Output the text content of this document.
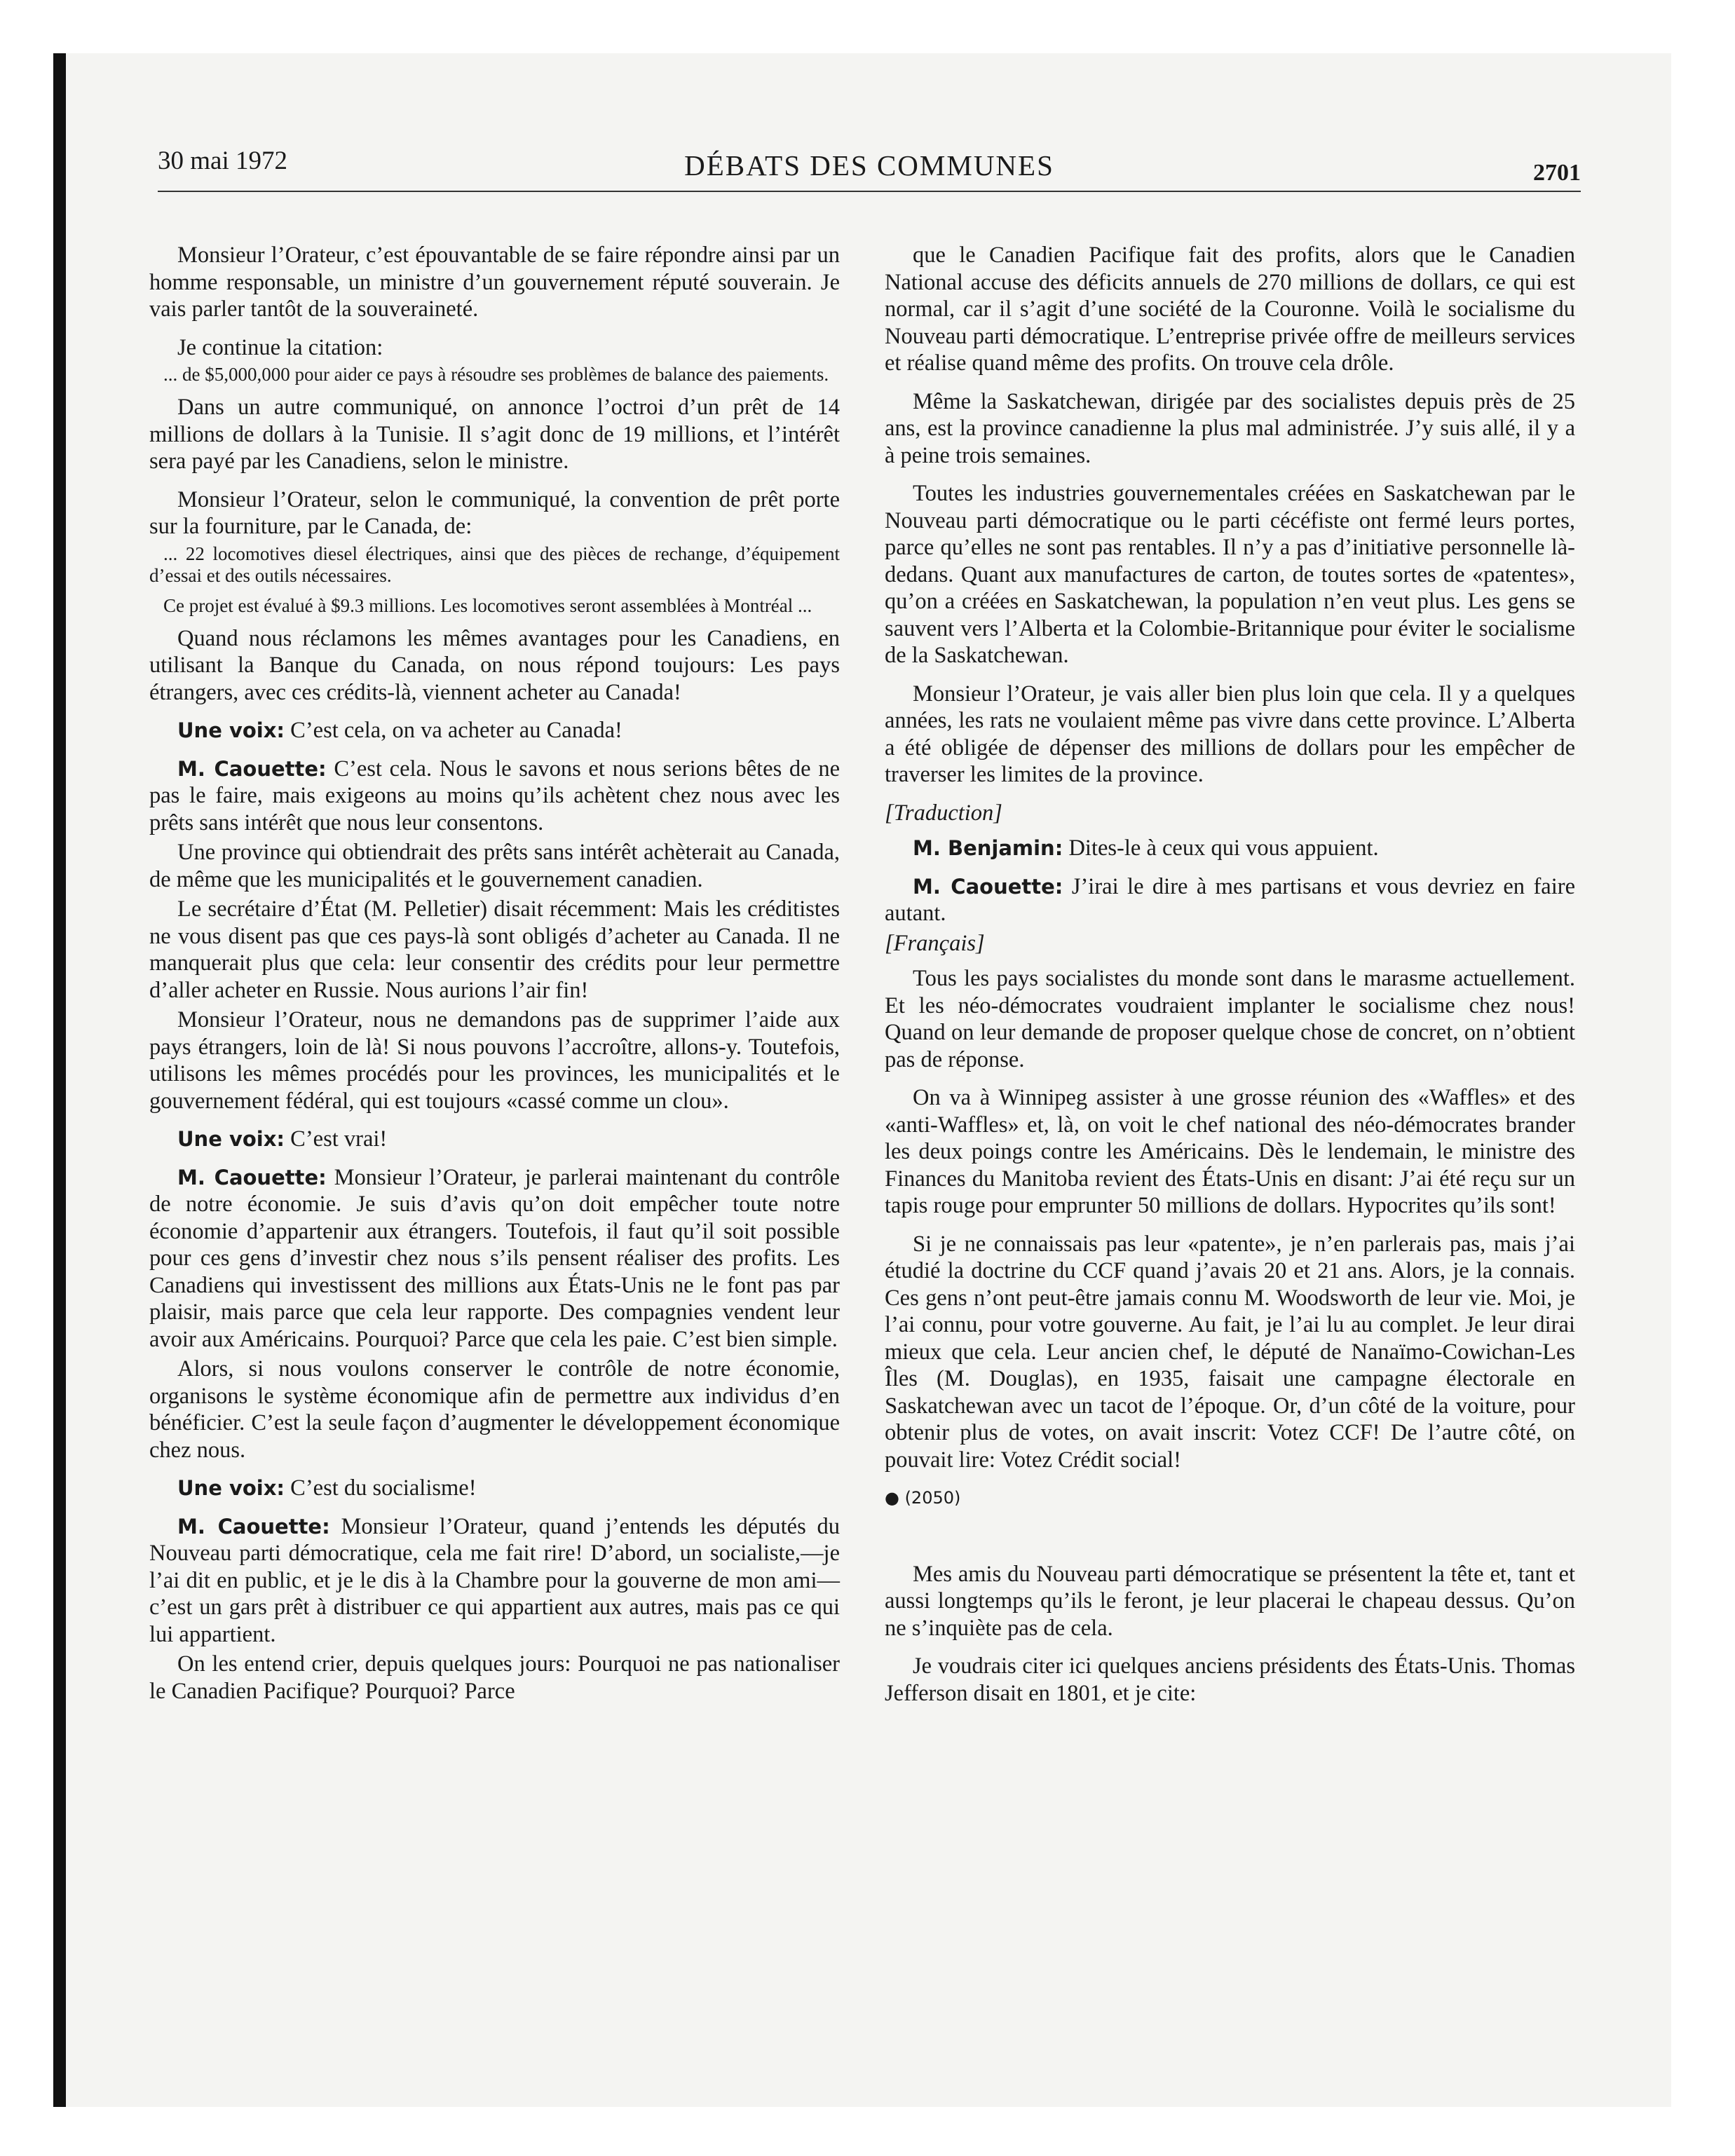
30 mai 1972	DÉBATS DES COMMUNES	2701

Monsieur l’Orateur, c’est épouvantable de se faire répondre ainsi par un homme responsable, un ministre d’un gouvernement réputé souverain. Je vais parler tantôt de la souveraineté.

Je continue la citation:

... de $5,000,000 pour aider ce pays à résoudre ses problèmes de balance des paiements.

Dans un autre communiqué, on annonce l’octroi d’un prêt de 14 millions de dollars à la Tunisie. Il s’agit donc de 19 millions, et l’intérêt sera payé par les Canadiens, selon le ministre.

Monsieur l’Orateur, selon le communiqué, la convention de prêt porte sur la fourniture, par le Canada, de:

... 22 locomotives diesel électriques, ainsi que des pièces de rechange, d’équipement d’essai et des outils nécessaires.

Ce projet est évalué à $9.3 millions. Les locomotives seront assemblées à Montréal ...

Quand nous réclamons les mêmes avantages pour les Canadiens, en utilisant la Banque du Canada, on nous répond toujours: Les pays étrangers, avec ces crédits-là, viennent acheter au Canada!

Une voix: C’est cela, on va acheter au Canada!

M. Caouette: C’est cela. Nous le savons et nous serions bêtes de ne pas le faire, mais exigeons au moins qu’ils achètent chez nous avec les prêts sans intérêt que nous leur consentons.

Une province qui obtiendrait des prêts sans intérêt achèterait au Canada, de même que les municipalités et le gouvernement canadien.

Le secrétaire d’État (M. Pelletier) disait récemment: Mais les créditistes ne vous disent pas que ces pays-là sont obligés d’acheter au Canada. Il ne manquerait plus que cela: leur consentir des crédits pour leur permettre d’aller acheter en Russie. Nous aurions l’air fin!

Monsieur l’Orateur, nous ne demandons pas de supprimer l’aide aux pays étrangers, loin de là! Si nous pouvons l’accroître, allons-y. Toutefois, utilisons les mêmes procédés pour les provinces, les municipalités et le gouvernement fédéral, qui est toujours «cassé comme un clou».

Une voix: C’est vrai!

M. Caouette: Monsieur l’Orateur, je parlerai maintenant du contrôle de notre économie. Je suis d’avis qu’on doit empêcher toute notre économie d’appartenir aux étrangers. Toutefois, il faut qu’il soit possible pour ces gens d’investir chez nous s’ils pensent réaliser des profits. Les Canadiens qui investissent des millions aux États-Unis ne le font pas par plaisir, mais parce que cela leur rapporte. Des compagnies vendent leur avoir aux Américains. Pourquoi? Parce que cela les paie. C’est bien simple.

Alors, si nous voulons conserver le contrôle de notre économie, organisons le système économique afin de permettre aux individus d’en bénéficier. C’est la seule façon d’augmenter le développement économique chez nous.

Une voix: C’est du socialisme!

M. Caouette: Monsieur l’Orateur, quand j’entends les députés du Nouveau parti démocratique, cela me fait rire! D’abord, un socialiste,—je l’ai dit en public, et je le dis à la Chambre pour la gouverne de mon ami—c’est un gars prêt à distribuer ce qui appartient aux autres, mais pas ce qui lui appartient.

On les entend crier, depuis quelques jours: Pourquoi ne pas nationaliser le Canadien Pacifique? Pourquoi? Parce

que le Canadien Pacifique fait des profits, alors que le Canadien National accuse des déficits annuels de 270 millions de dollars, ce qui est normal, car il s’agit d’une société de la Couronne. Voilà le socialisme du Nouveau parti démocratique. L’entreprise privée offre de meilleurs services et réalise quand même des profits. On trouve cela drôle.

Même la Saskatchewan, dirigée par des socialistes depuis près de 25 ans, est la province canadienne la plus mal administrée. J’y suis allé, il y a à peine trois semaines.

Toutes les industries gouvernementales créées en Saskatchewan par le Nouveau parti démocratique ou le parti cécéfiste ont fermé leurs portes, parce qu’elles ne sont pas rentables. Il n’y a pas d’initiative personnelle là-dedans. Quant aux manufactures de carton, de toutes sortes de «patentes», qu’on a créées en Saskatchewan, la population n’en veut plus. Les gens se sauvent vers l’Alberta et la Colombie-Britannique pour éviter le socialisme de la Saskatchewan.

Monsieur l’Orateur, je vais aller bien plus loin que cela. Il y a quelques années, les rats ne voulaient même pas vivre dans cette province. L’Alberta a été obligée de dépenser des millions de dollars pour les empêcher de traverser les limites de la province.

[Traduction]

M. Benjamin: Dites-le à ceux qui vous appuient.

M. Caouette: J’irai le dire à mes partisans et vous devriez en faire autant.

[Français]

Tous les pays socialistes du monde sont dans le marasme actuellement. Et les néo-démocrates voudraient implanter le socialisme chez nous! Quand on leur demande de proposer quelque chose de concret, on n’obtient pas de réponse.

On va à Winnipeg assister à une grosse réunion des «Waffles» et des «anti-Waffles» et, là, on voit le chef national des néo-démocrates brander les deux poings contre les Américains. Dès le lendemain, le ministre des Finances du Manitoba revient des États-Unis en disant: J’ai été reçu sur un tapis rouge pour emprunter 50 millions de dollars. Hypocrites qu’ils sont!

Si je ne connaissais pas leur «patente», je n’en parlerais pas, mais j’ai étudié la doctrine du CCF quand j’avais 20 et 21 ans. Alors, je la connais. Ces gens n’ont peut-être jamais connu M. Woodsworth de leur vie. Moi, je l’ai connu, pour votre gouverne. Au fait, je l’ai lu au complet. Je leur dirai mieux que cela. Leur ancien chef, le député de Nanaïmo-Cowichan-Les Îles (M. Douglas), en 1935, faisait une campagne électorale en Saskatchewan avec un tacot de l’époque. Or, d’un côté de la voiture, pour obtenir plus de votes, on avait inscrit: Votez CCF! De l’autre côté, on pouvait lire: Votez Crédit social!

● (2050)

Mes amis du Nouveau parti démocratique se présentent la tête et, tant et aussi longtemps qu’ils le feront, je leur placerai le chapeau dessus. Qu’on ne s’inquiète pas de cela.

Je voudrais citer ici quelques anciens présidents des États-Unis. Thomas Jefferson disait en 1801, et je cite:
